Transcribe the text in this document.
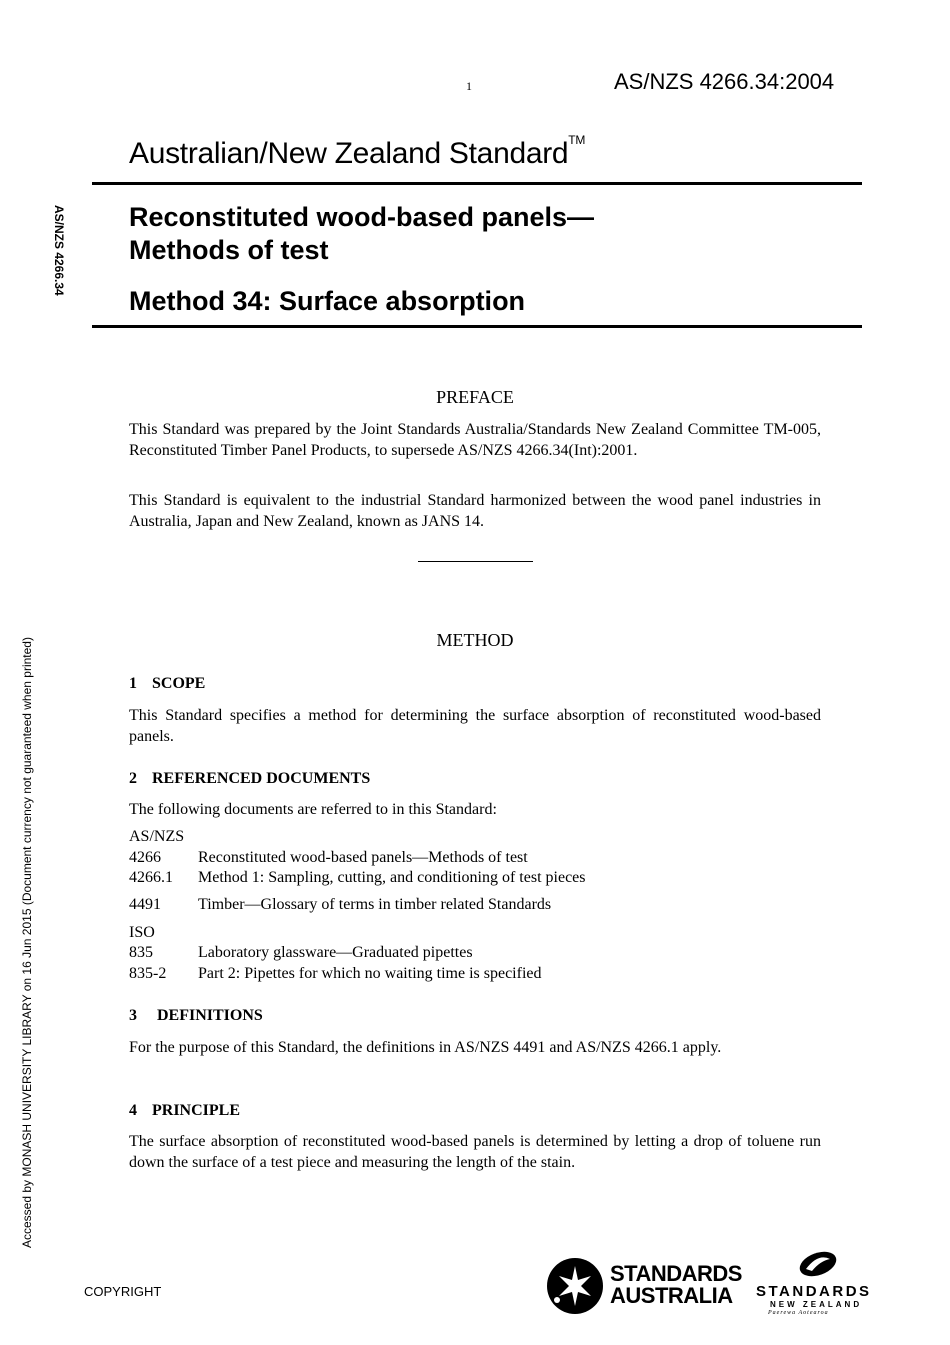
1	AS/NZS 4266.34:2004
Australian/New Zealand Standard™
Reconstituted wood-based panels—
Methods of test
Method 34: Surface absorption
AS/NZS 4266.34
Accessed by MONASH UNIVERSITY LIBRARY on 16 Jun 2015 (Document currency not guaranteed when printed)
PREFACE
This Standard was prepared by the Joint Standards Australia/Standards New Zealand Committee TM-005, Reconstituted Timber Panel Products, to supersede AS/NZS 4266.34(Int):2001.
This Standard is equivalent to the industrial Standard harmonized between the wood panel industries in Australia, Japan and New Zealand, known as JANS 14.
METHOD
1 SCOPE
This Standard specifies a method for determining the surface absorption of reconstituted wood-based panels.
2 REFERENCED DOCUMENTS
The following documents are referred to in this Standard:
AS/NZS
4266 Reconstituted wood-based panels—Methods of test
4266.1 Method 1: Sampling, cutting, and conditioning of test pieces
4491 Timber—Glossary of terms in timber related Standards
ISO
835	Laboratory glassware—Graduated pipettes
835-2 Part 2: Pipettes for which no waiting time is specified
3 DEFINITIONS
For the purpose of this Standard, the definitions in AS/NZS 4491 and AS/NZS 4266.1 apply.
4 PRINCIPLE
The surface absorption of reconstituted wood-based panels is determined by letting a drop of toluene run down the surface of a test piece and measuring the length of the stain.
COPYRIGHT
STANDARDS
AUSTRALIA	STANDARDS
NEW ZEALAND
Paerewa Aotearoa
